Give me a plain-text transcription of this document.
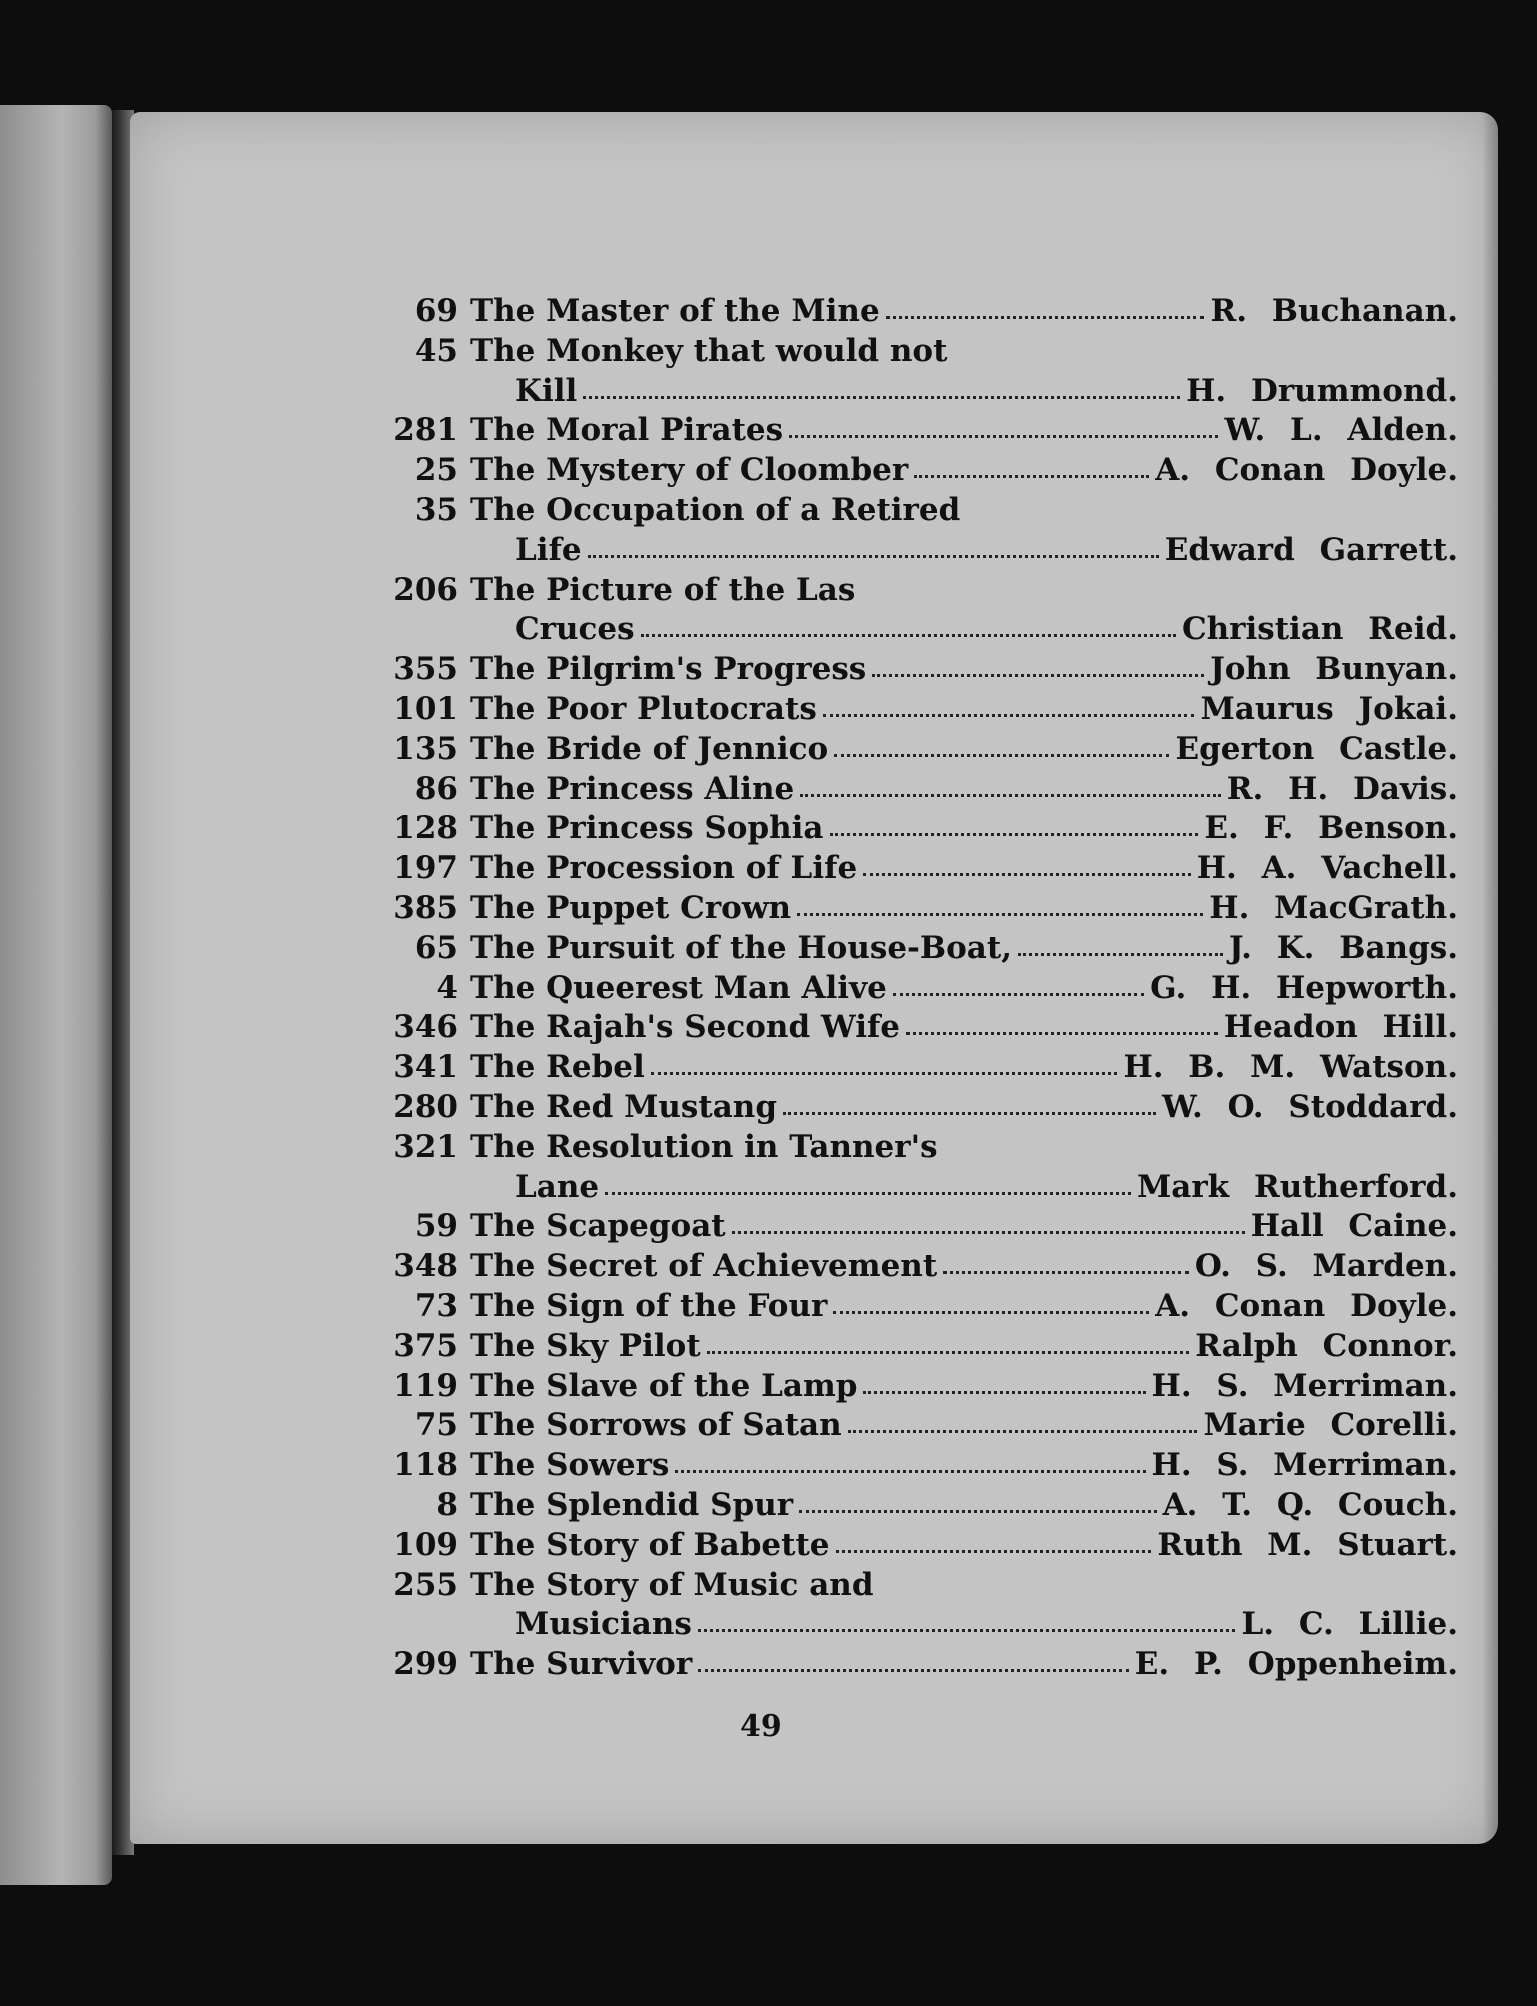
69 The Master of the Mine	R. Buchanan.
45 The Monkey that would not
Kill	H. Drummond.
281 The Moral Pirates	W. L. Alden.
25 The Mystery of Cloomber	A. Conan Doyle.
35 The Occupation of a Retired
Life	Edward Garrett.
206 The Picture of the Las
Cruces	Christian Reid.
355 The Pilgrim's Progress	John Bunyan.
101 The Poor Plutocrats	Maurus Jokai.
135 The Bride of Jennico	Egerton Castle.
86 The Princess Aline	R. H. Davis.
128 The Princess Sophia	E. F. Benson.
197 The Procession of Life	H. A. Vachell.
385 The Puppet Crown	H. MacGrath.
65 The Pursuit of the House-Boat,	J. K. Bangs.
4 The Queerest Man Alive	G. H. Hepworth.
346 The Rajah's Second Wife	Headon Hill.
341 The Rebel	H. B. M. Watson.
280 The Red Mustang	W. O. Stoddard.
321 The Resolution in Tanner's
Lane	Mark Rutherford.
59 The Scapegoat	Hall Caine.
348 The Secret of Achievement	O. S. Marden.
73 The Sign of the Four	A. Conan Doyle.
375 The Sky Pilot	Ralph Connor.
119 The Slave of the Lamp	H. S. Merriman.
75 The Sorrows of Satan	Marie Corelli.
118 The Sowers	H. S. Merriman.
8 The Splendid Spur	A. T. Q. Couch.
109 The Story of Babette	Ruth M. Stuart.
255 The Story of Music and
Musicians	L. C. Lillie.
299 The Survivor	E. P. Oppenheim.
49
